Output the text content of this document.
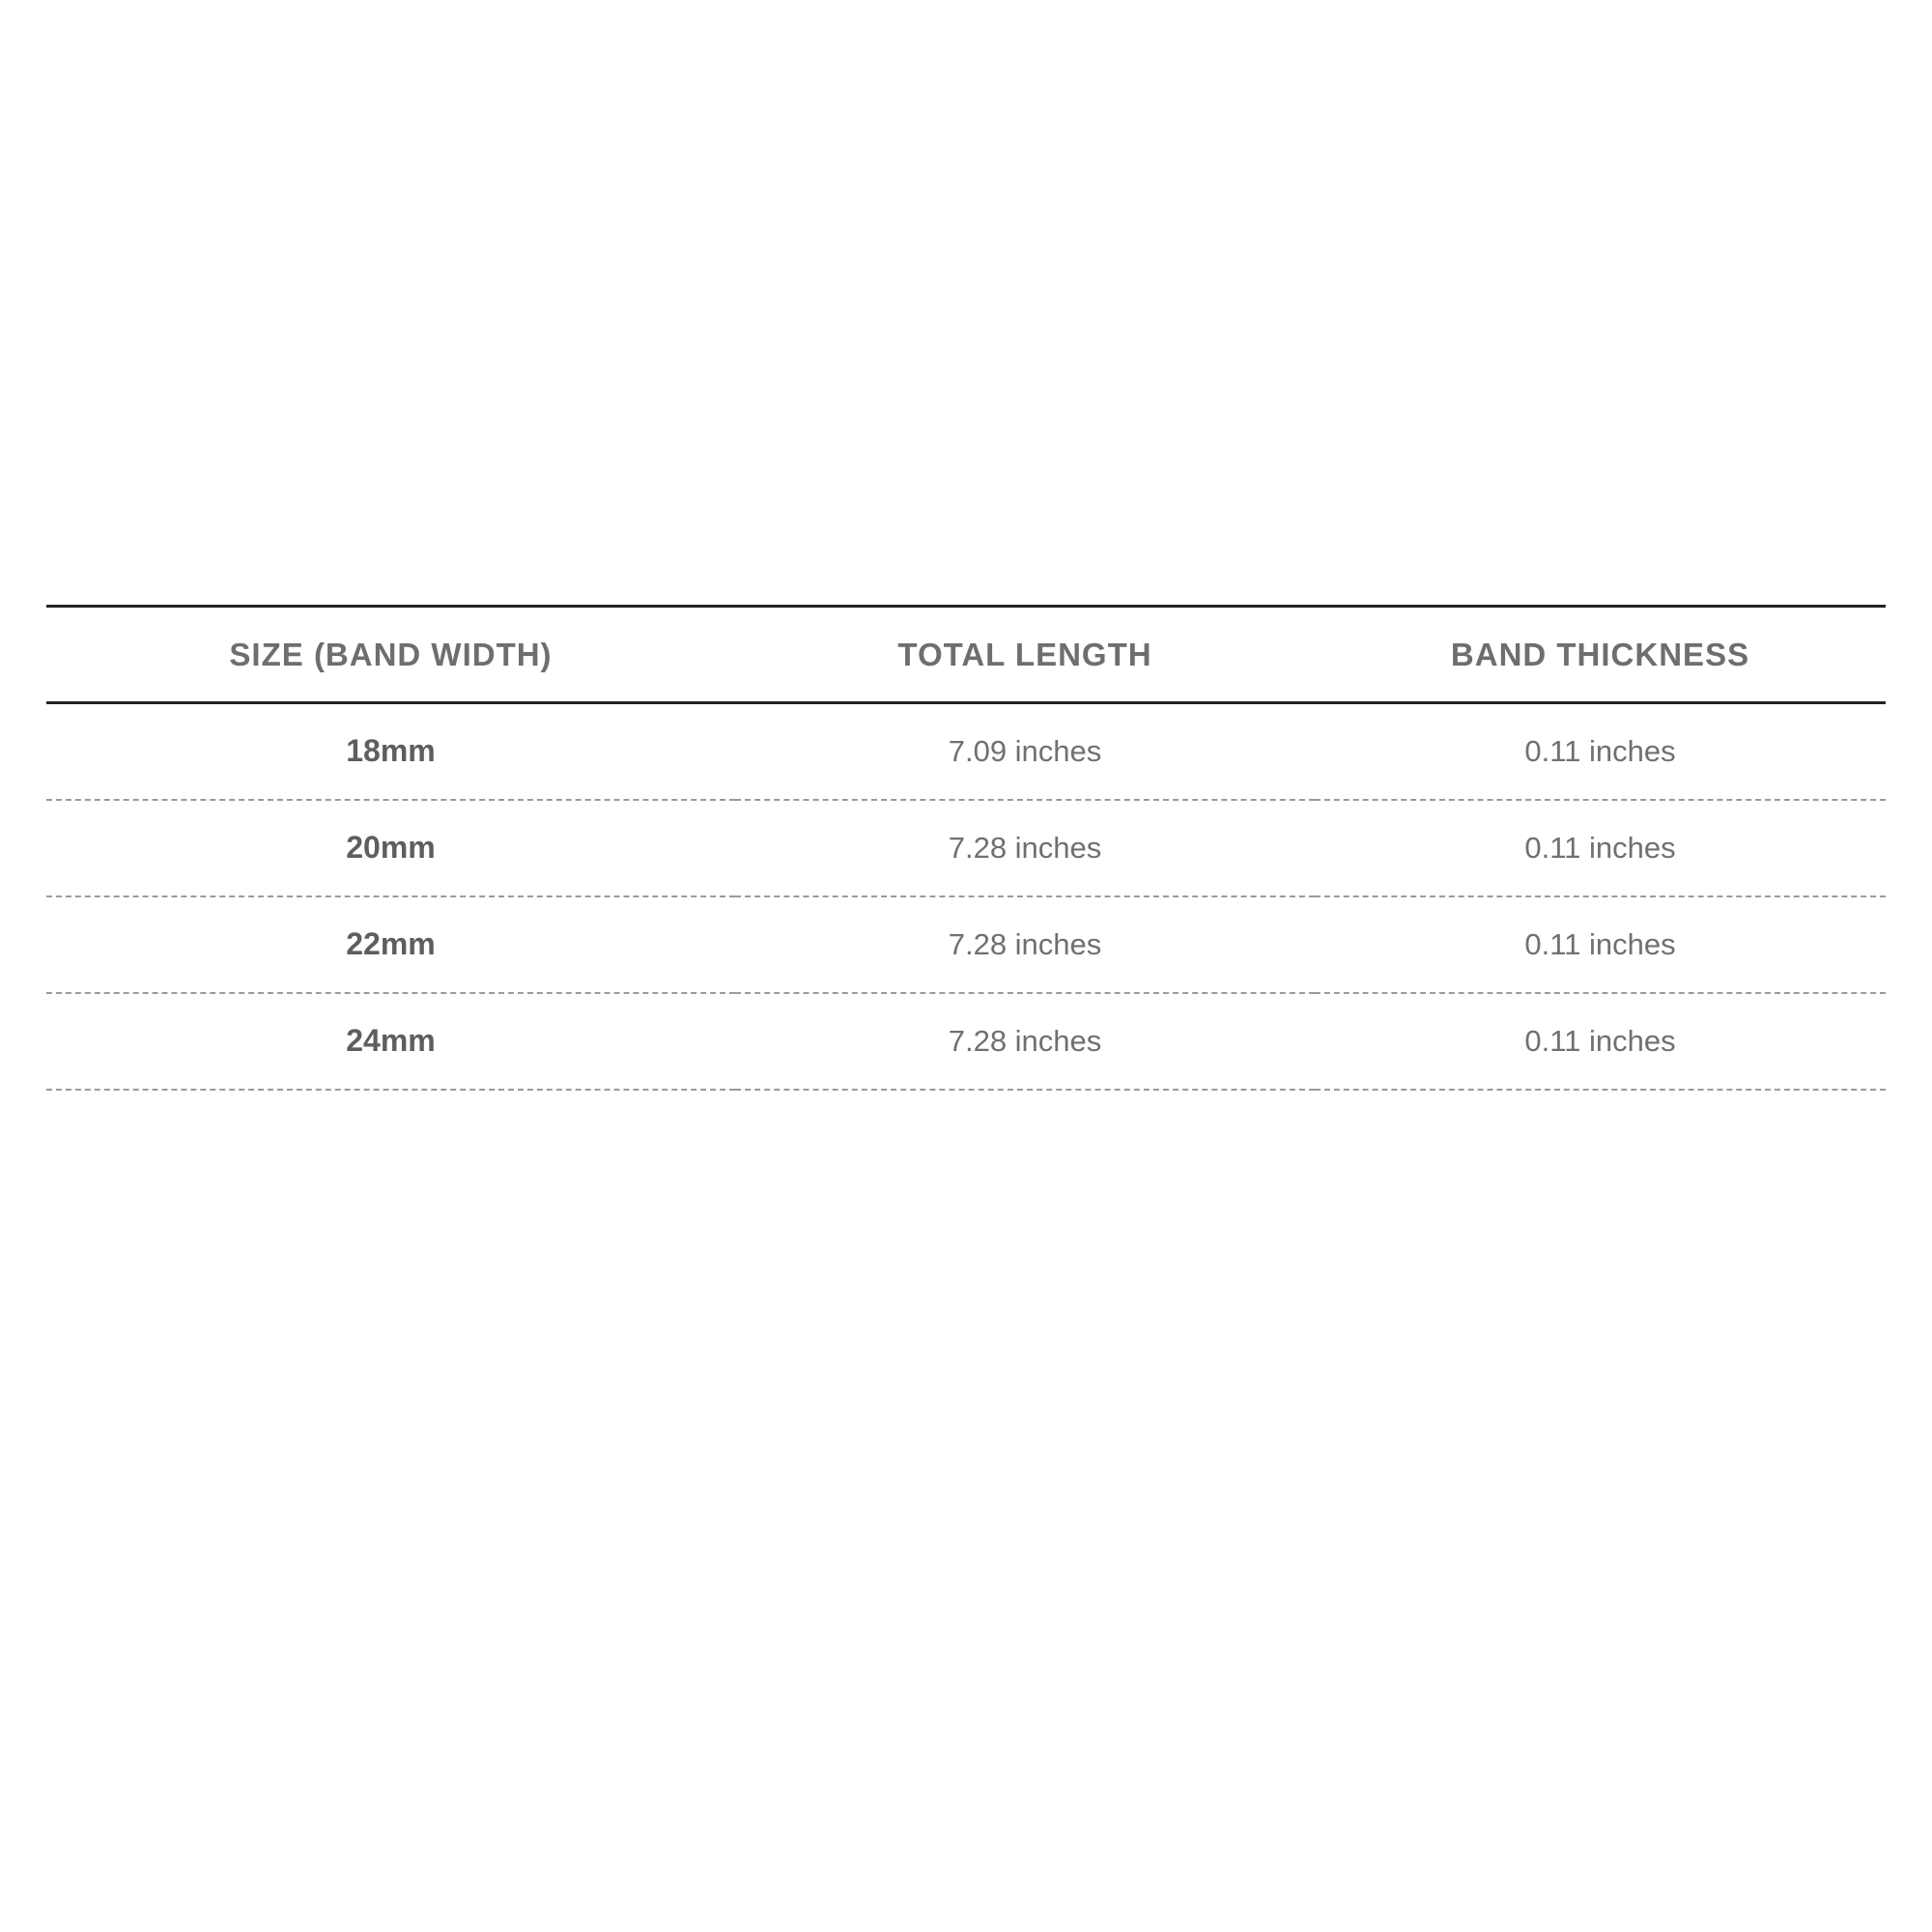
SIZE (BAND WIDTH)	TOTAL LENGTH	BAND THICKNESS
18mm	7.09 inches	0.11 inches
20mm	7.28 inches	0.11 inches
22mm	7.28 inches	0.11 inches
24mm	7.28 inches	0.11 inches
